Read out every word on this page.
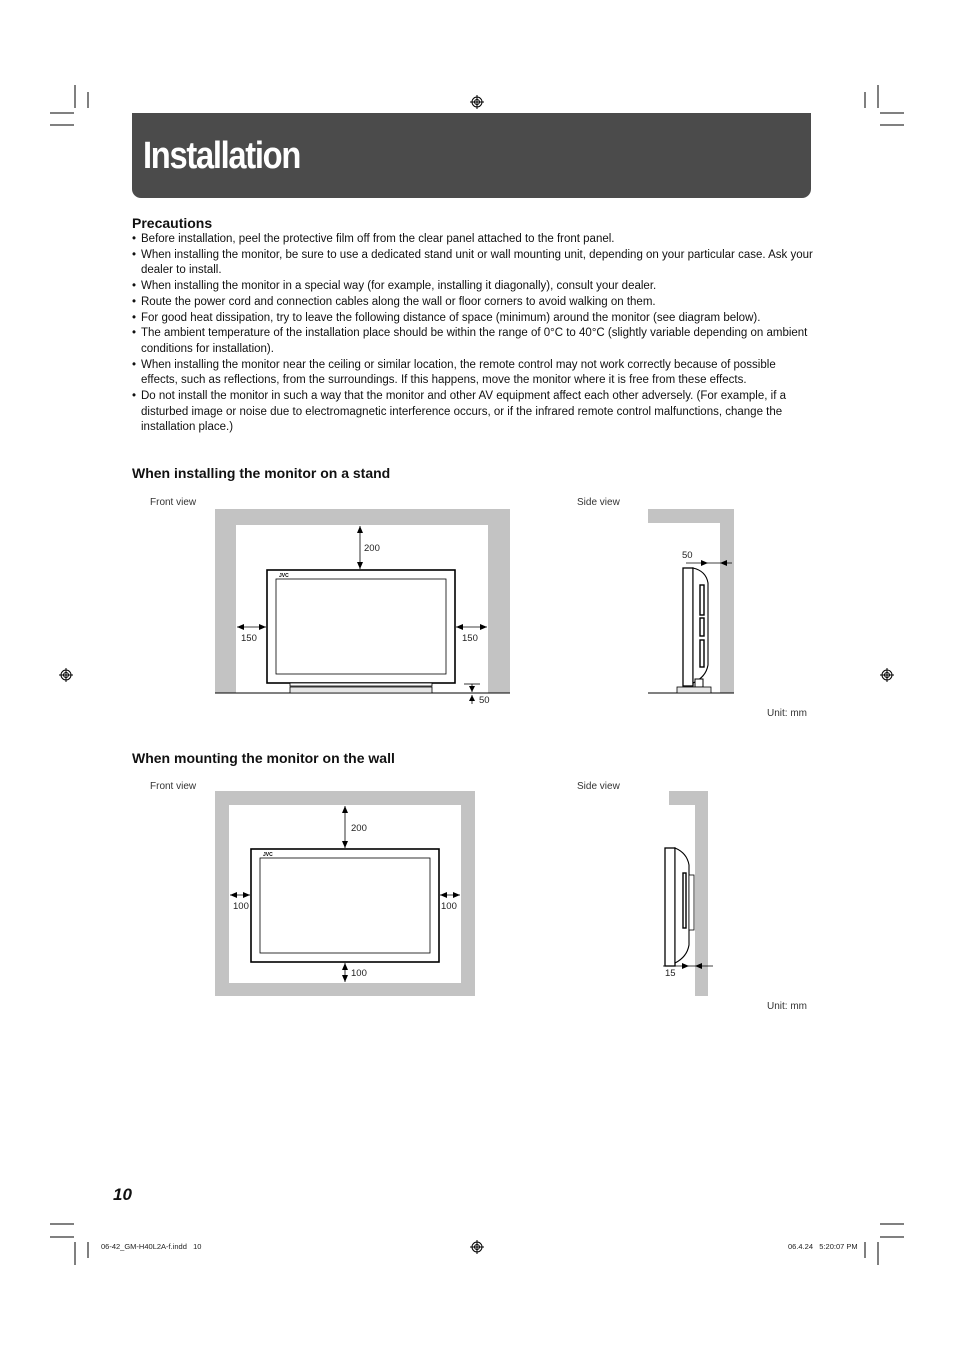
Installation
Precautions
• Before installation, peel the protective film off from the clear panel attached to the front panel.
• When installing the monitor, be sure to use a dedicated stand unit or wall mounting unit, depending on your particular case. Ask your dealer to install.
• When installing the monitor in a special way (for example, installing it diagonally), consult your dealer.
• Route the power cord and connection cables along the wall or floor corners to avoid walking on them.
• For good heat dissipation, try to leave the following distance of space (minimum) around the monitor (see diagram below).
• The ambient temperature of the installation place should be within the range of 0°C to 40°C (slightly variable depending on ambient conditions for installation).
• When installing the monitor near the ceiling or similar location, the remote control may not work correctly because of possible effects, such as reflections, from the surroundings. If this happens, move the monitor where it is free from these effects.
• Do not install the monitor in such a way that the monitor and other AV equipment affect each other adversely. (For example, if a disturbed image or noise due to electromagnetic interference occurs, or if the infrared remote control malfunctions, change the installation place.)
When installing the monitor on a stand
Front view	Side view
JVC
200
150	150
50
50
Unit: mm
When mounting the monitor on the wall
Front view	Side view
JVC
200
100	100
100	15
Unit: mm
10
06-42_GM-H40L2A-f.indd   10	06.4.24   5:20:07 PM
